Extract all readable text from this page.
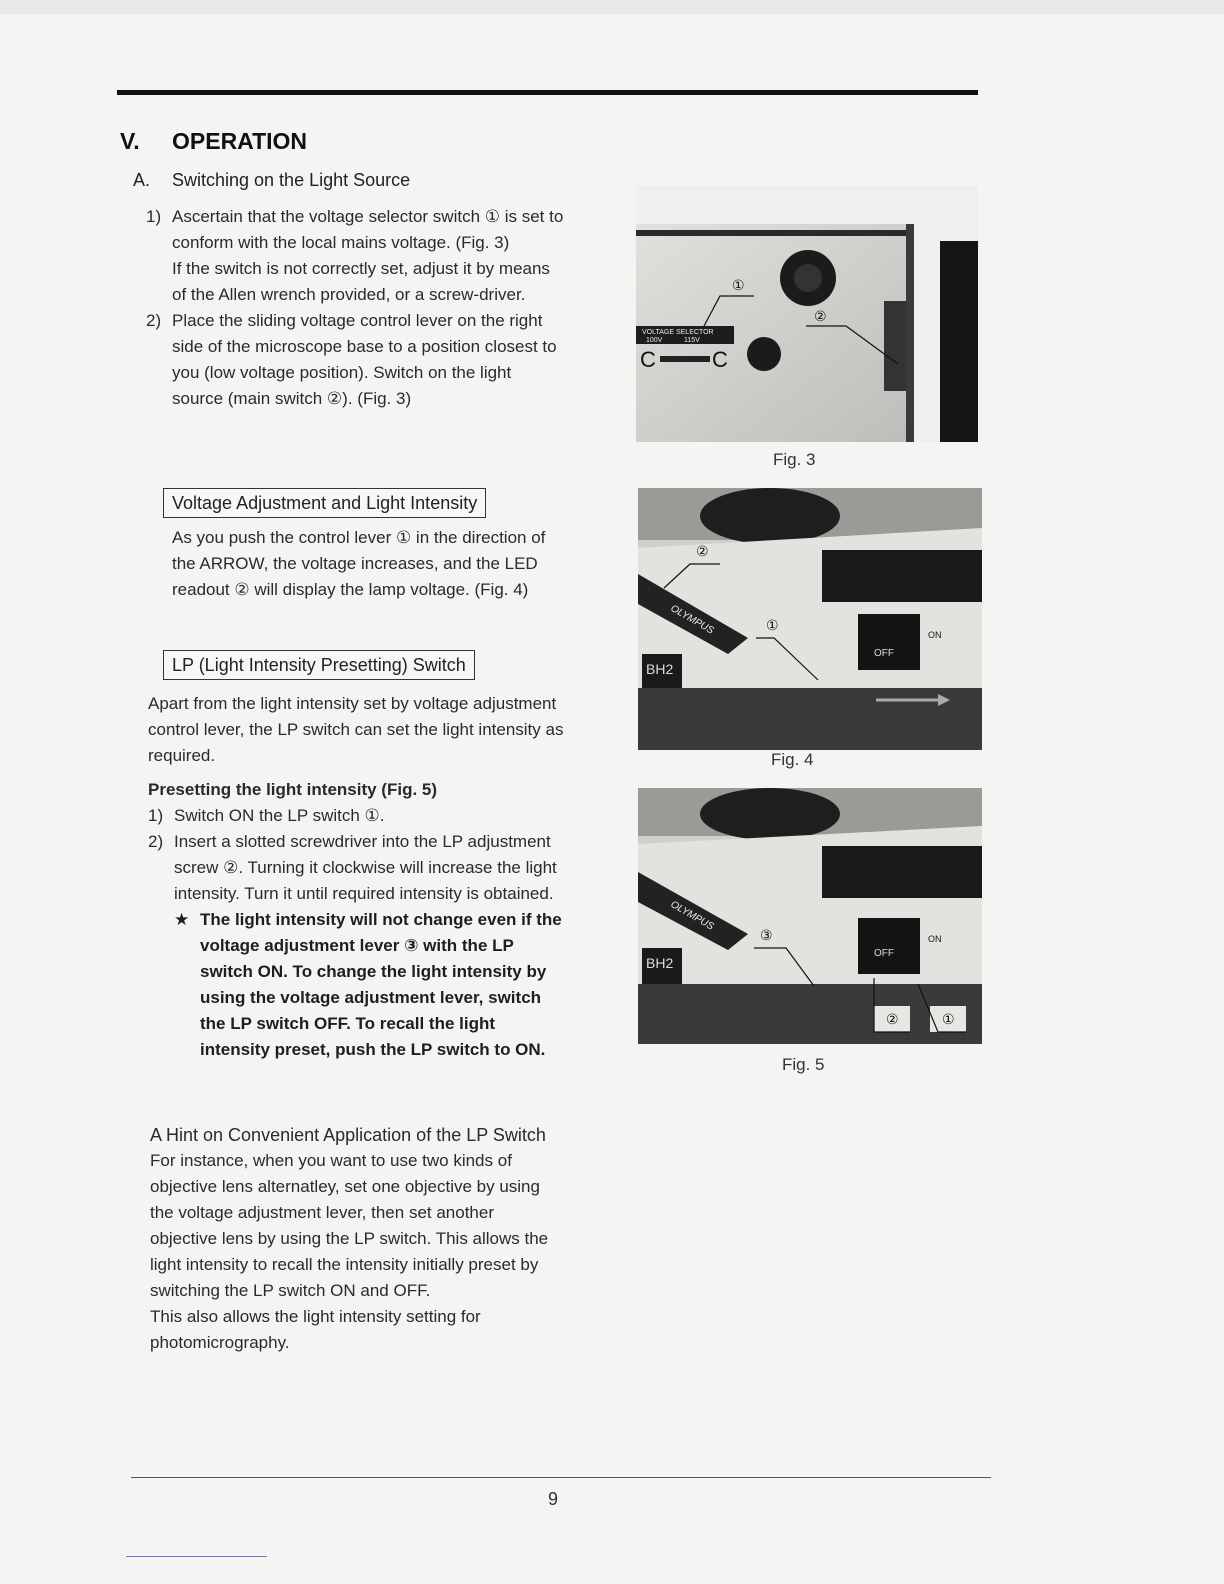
V. OPERATION
A. Switching on the Light Source
1) Ascertain that the voltage selector switch ① is set to conform with the local mains voltage. (Fig. 3)
If the switch is not correctly set, adjust it by means of the Allen wrench provided, or a screw-driver.
2) Place the sliding voltage control lever on the right side of the microscope base to a position closest to you (low voltage position). Switch on the light source (main switch ②). (Fig. 3)
Voltage Adjustment and Light Intensity
As you push the control lever ① in the direction of the ARROW, the voltage increases, and the LED readout ② will display the lamp voltage. (Fig. 4)
LP (Light Intensity Presetting) Switch
Apart from the light intensity set by voltage adjustment control lever, the LP switch can set the light intensity as required.
Presetting the light intensity (Fig. 5)
1) Switch ON the LP switch ①.
2) Insert a slotted screwdriver into the LP adjustment screw ②. Turning it clockwise will increase the light intensity. Turn it until required intensity is obtained.
★ The light intensity will not change even if the voltage adjustment lever ③ with the LP switch ON. To change the light intensity by using the voltage adjustment lever, switch the LP switch OFF. To recall the light intensity preset, push the LP switch to ON.
A Hint on Convenient Application of the LP Switch
For instance, when you want to use two kinds of objective lens alternatley, set one objective by using the voltage adjustment lever, then set another objective lens by using the LP switch. This allows the light intensity to recall the intensity initially preset by switching the LP switch ON and OFF.
This also allows the light intensity setting for photomicrography.
VOLTAGE SELECTOR
100V	115V
C	C
①
②
Fig. 3
OLYMPUS
BH2
OFF
ON
②
①
Fig. 4
OLYMPUS
BH2
OFF
ON
③
②	①
Fig. 5
9
